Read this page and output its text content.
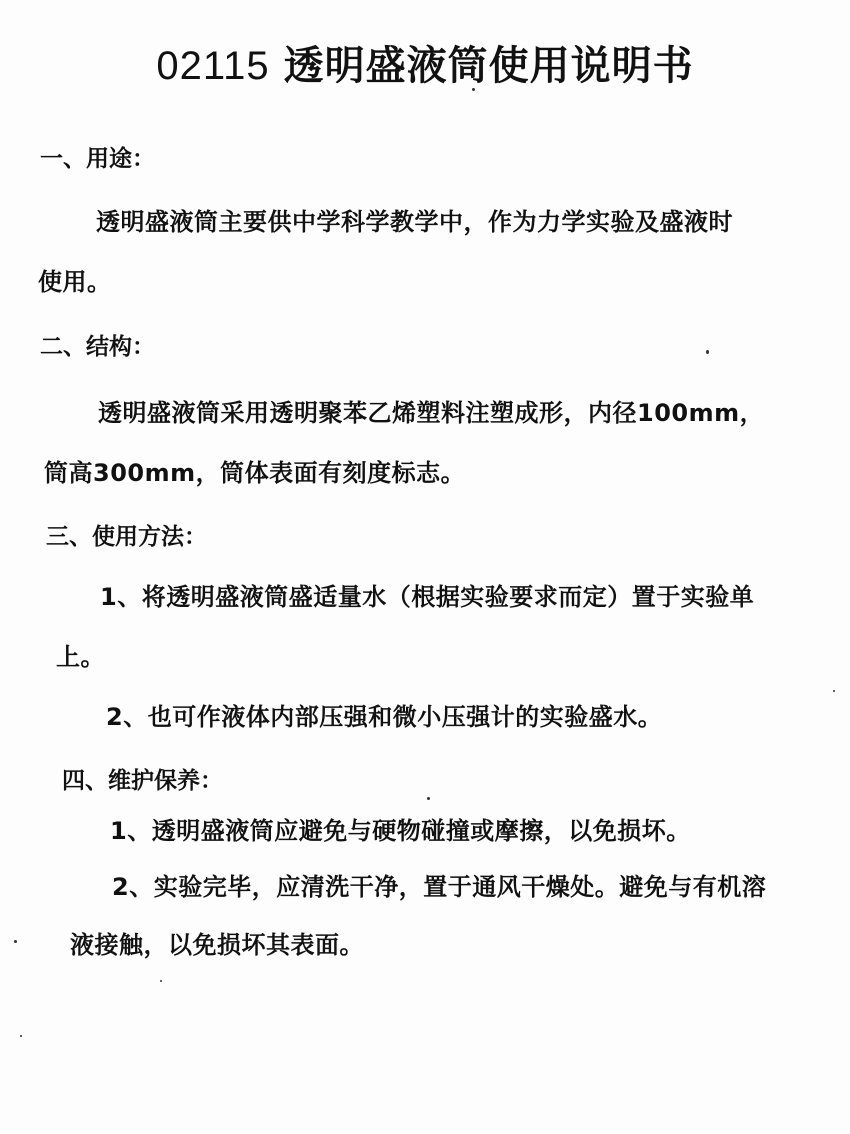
02115 透明盛液筒使用说明书
一、用途：
透明盛液筒主要供中学科学教学中，作为力学实验及盛液时
使用。
二、结构：
透明盛液筒采用透明聚苯乙烯塑料注塑成形，内径100mm，
筒高300mm，筒体表面有刻度标志。
三、使用方法：
1、将透明盛液筒盛适量水（根据实验要求而定）置于实验单
上。
2、也可作液体内部压强和微小压强计的实验盛水。
四、维护保养：
1、透明盛液筒应避免与硬物碰撞或摩擦，以免损坏。
2、实验完毕，应清洗干净，置于通风干燥处。避免与有机溶
液接触，以免损坏其表面。
